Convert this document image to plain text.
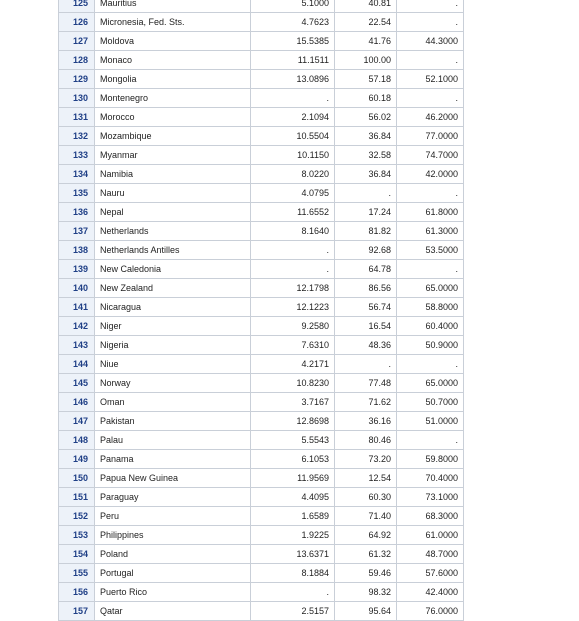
125	Mauritius	5.1000	40.81	.
126	Micronesia, Fed. Sts.	4.7623	22.54	.
127	Moldova	15.5385	41.76	44.3000
128	Monaco	11.1511	100.00	.
129	Mongolia	13.0896	57.18	52.1000
130	Montenegro	.	60.18	.
131	Morocco	2.1094	56.02	46.2000
132	Mozambique	10.5504	36.84	77.0000
133	Myanmar	10.1150	32.58	74.7000
134	Namibia	8.0220	36.84	42.0000
135	Nauru	4.0795	.	.
136	Nepal	11.6552	17.24	61.8000
137	Netherlands	8.1640	81.82	61.3000
138	Netherlands Antilles	.	92.68	53.5000
139	New Caledonia	.	64.78	.
140	New Zealand	12.1798	86.56	65.0000
141	Nicaragua	12.1223	56.74	58.8000
142	Niger	9.2580	16.54	60.4000
143	Nigeria	7.6310	48.36	50.9000
144	Niue	4.2171	.	.
145	Norway	10.8230	77.48	65.0000
146	Oman	3.7167	71.62	50.7000
147	Pakistan	12.8698	36.16	51.0000
148	Palau	5.5543	80.46	.
149	Panama	6.1053	73.20	59.8000
150	Papua New Guinea	11.9569	12.54	70.4000
151	Paraguay	4.4095	60.30	73.1000
152	Peru	1.6589	71.40	68.3000
153	Philippines	1.9225	64.92	61.0000
154	Poland	13.6371	61.32	48.7000
155	Portugal	8.1884	59.46	57.6000
156	Puerto Rico	.	98.32	42.4000
157	Qatar	2.5157	95.64	76.0000
